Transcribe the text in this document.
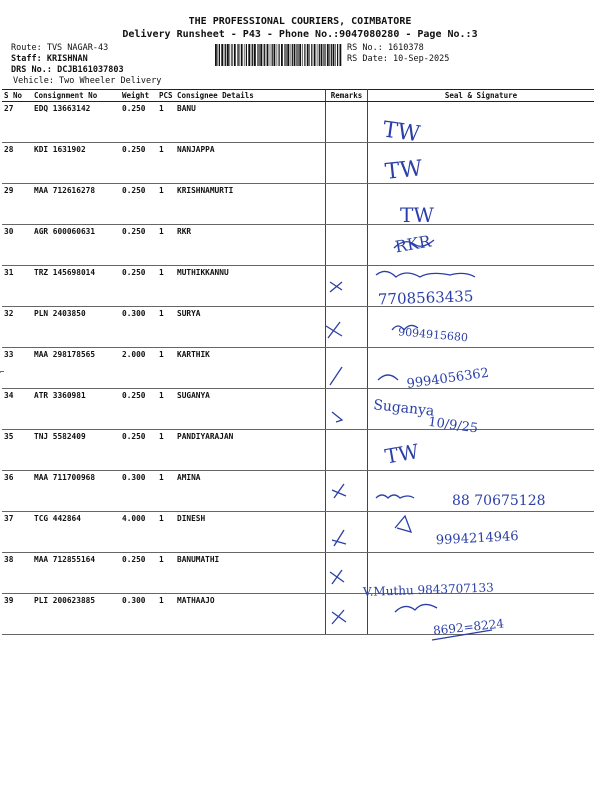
THE PROFESSIONAL COURIERS, COIMBATORE
Delivery Runsheet - P43 - Phone No.:9047080280 - Page No.:3
Route: TVS NAGAR-43
Staff: KRISHNAN
DRS No.: DCJB161037803
Vehicle: Two Wheeler Delivery
RS No.: 1610378
RS Date: 10-Sep-2025
S No	Consignment No	Weight	PCS	Consignee Details	Remarks	Seal & Signature
27	EDQ 13663142	0.250	1	BANU		
28	KDI 1631902	0.250	1	NANJAPPA		
29	MAA 712616278	0.250	1	KRISHNAMURTI		
30	AGR 600060631	0.250	1	RKR		
31	TRZ 145698014	0.250	1	MUTHIKKANNU		
32	PLN 2403850	0.300	1	SURYA		
33	MAA 298178565	2.000	1	KARTHIK		
34	ATR 3360981	0.250	1	SUGANYA		
35	TNJ 5582409	0.250	1	PANDIYARAJAN		
36	MAA 711700968	0.300	1	AMINA		
37	TCG 442864	4.000	1	DINESH		
38	MAA 712855164	0.250	1	BANUMATHI		
39	PLI 200623885	0.300	1	MATHAAJO		
⌐
TW
TW
TW
RKR
7708563435
9094915680
9994056362
Suganya
10/9/25
TW
88 70675128
9994214946
V.Muthu 9843707133
8692=8224
